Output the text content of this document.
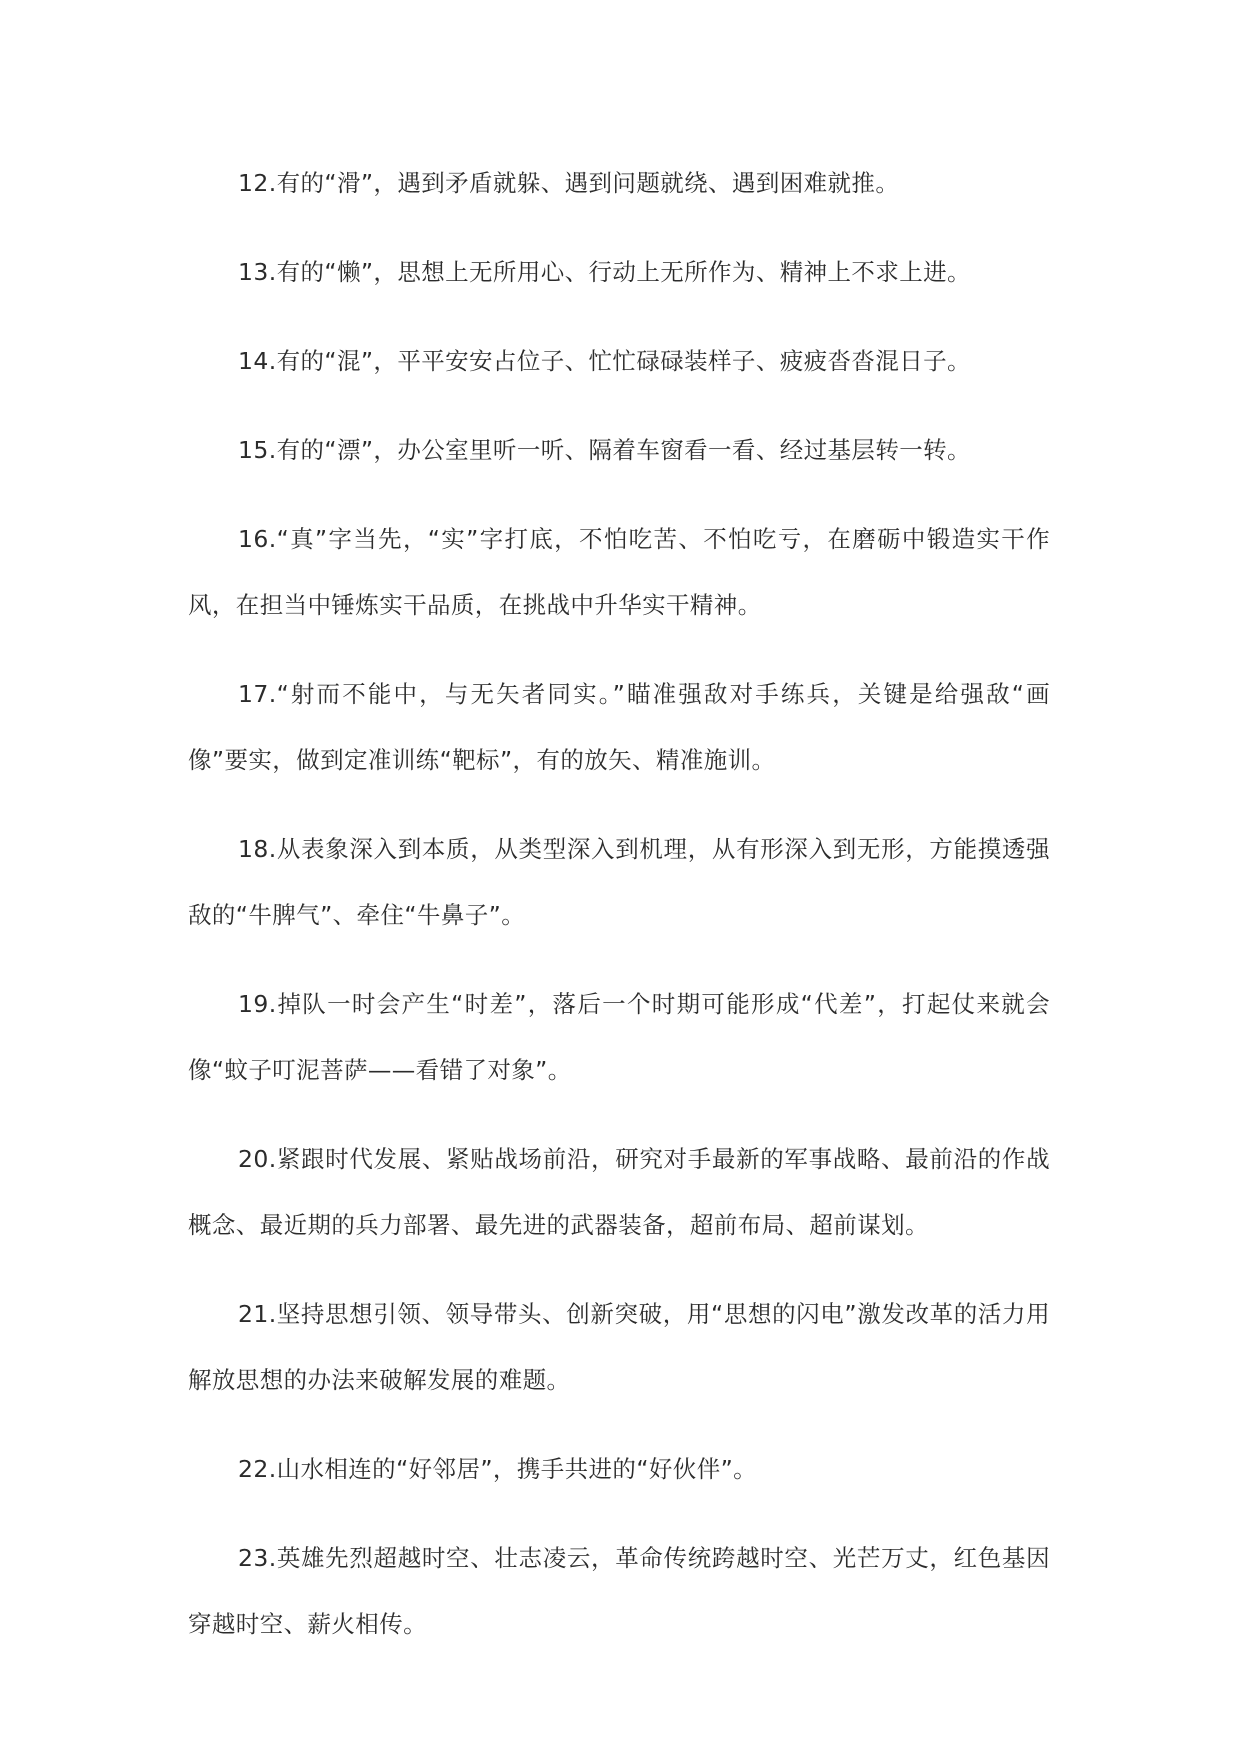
12.有的“滑”，遇到矛盾就躲、遇到问题就绕、遇到困难就推。

13.有的“懒”，思想上无所用心、行动上无所作为、精神上不求上进。

14.有的“混”，平平安安占位子、忙忙碌碌装样子、疲疲沓沓混日子。

15.有的“漂”，办公室里听一听、隔着车窗看一看、经过基层转一转。

16.“真”字当先，“实”字打底，不怕吃苦、不怕吃亏，在磨砺中锻造实干作风，在担当中锤炼实干品质，在挑战中升华实干精神。

17.“射而不能中，与无矢者同实。”瞄准强敌对手练兵，关键是给强敌“画像”要实，做到定准训练“靶标”，有的放矢、精准施训。

18.从表象深入到本质，从类型深入到机理，从有形深入到无形，方能摸透强敌的“牛脾气”、牵住“牛鼻子”。

19.掉队一时会产生“时差”，落后一个时期可能形成“代差”，打起仗来就会像“蚊子叮泥菩萨——看错了对象”。

20.紧跟时代发展、紧贴战场前沿，研究对手最新的军事战略、最前沿的作战概念、最近期的兵力部署、最先进的武器装备，超前布局、超前谋划。

21.坚持思想引领、领导带头、创新突破，用“思想的闪电”激发改革的活力用解放思想的办法来破解发展的难题。

22.山水相连的“好邻居”，携手共进的“好伙伴”。

23.英雄先烈超越时空、壮志凌云，革命传统跨越时空、光芒万丈，红色基因穿越时空、薪火相传。
